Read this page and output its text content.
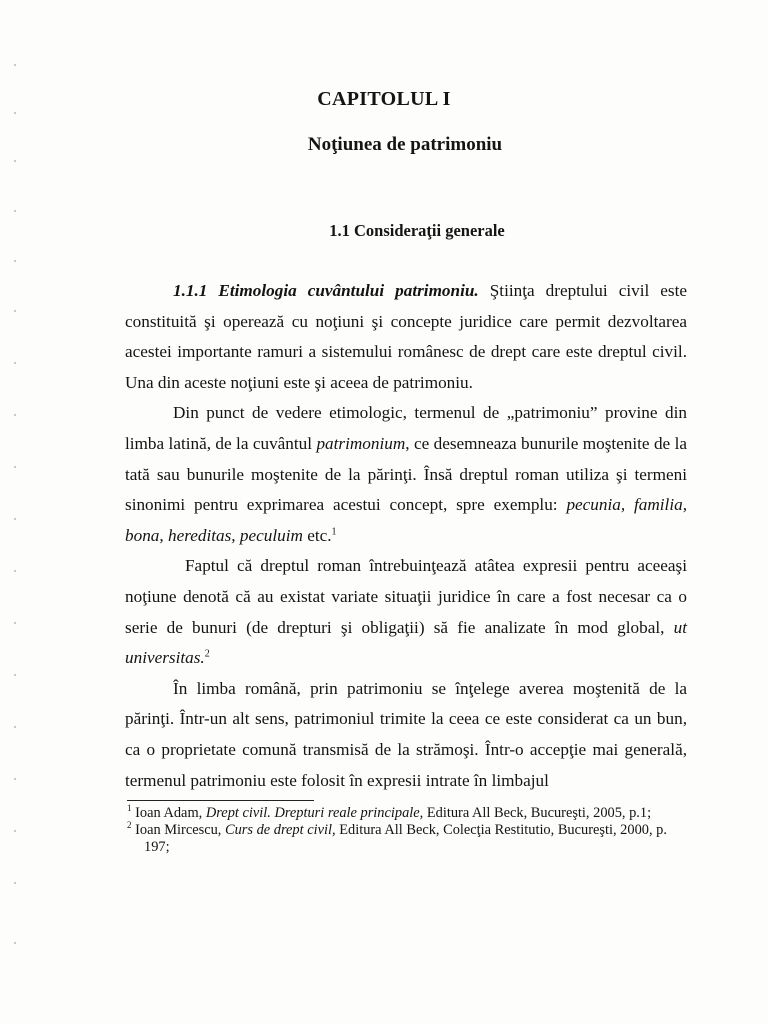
CAPITOLUL I
Noţiunea de patrimoniu
1.1 Consideraţii generale

1.1.1 Etimologia cuvântului patrimoniu. Ştiinţa dreptului civil este constituită şi operează cu noţiuni şi concepte juridice care permit dezvoltarea acestei importante ramuri a sistemului românesc de drept care este dreptul civil. Una din aceste noţiuni este şi aceea de patrimoniu.

Din punct de vedere etimologic, termenul de „patrimoniu” provine din limba latină, de la cuvântul patrimonium, ce desemneaza bunurile moştenite de la tată sau bunurile moştenite de la părinţi. Însă dreptul roman utiliza şi termeni sinonimi pentru exprimarea acestui concept, spre exemplu: pecunia, familia, bona, hereditas, peculuim etc.$^1$

Faptul că dreptul roman întrebuinţează atâtea expresii pentru aceeaşi noţiune denotă că au existat variate situaţii juridice în care a fost necesar ca o serie de bunuri (de drepturi şi obligaţii) să fie analizate în mod global, ut universitas.$^2$

În limba română, prin patrimoniu se înţelege averea moştenită de la părinţi. Într-un alt sens, patrimoniul trimite la ceea ce este considerat ca un bun, ca o proprietate comună transmisă de la strămoşi. Într-o accepţie mai generală, termenul patrimoniu este folosit în expresii intrate în limbajul

$^1$ Ioan Adam, Drept civil. Drepturi reale principale, Editura All Beck, Bucureşti, 2005, p.1;

$^2$ Ioan Mircescu, Curs de drept civil, Editura All Beck, Colecţia Restitutio, Bucureşti, 2000, p. 197;
